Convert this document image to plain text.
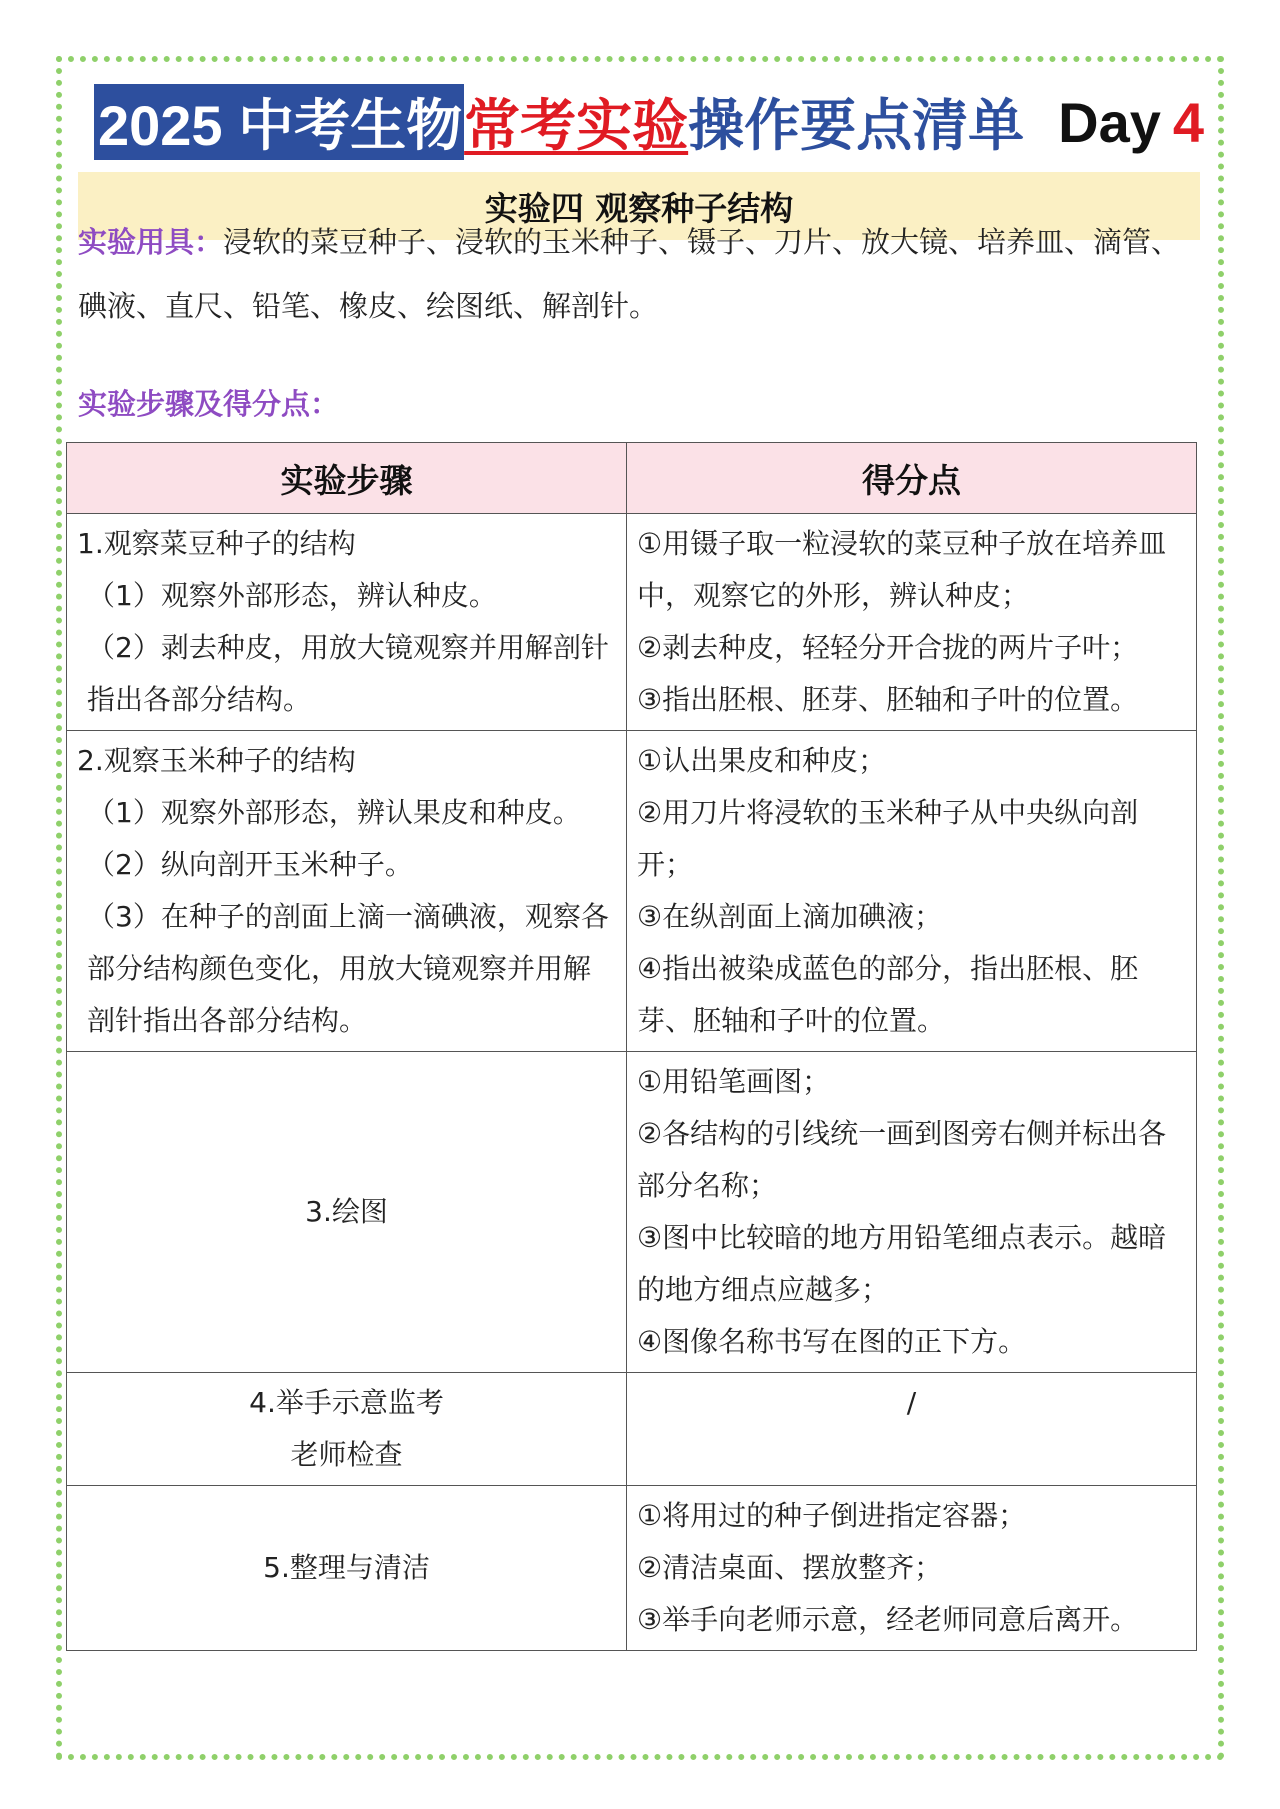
2025 中考生物 常考实验 操作要点清单 Day 4
实验四 观察种子结构
实验用具：浸软的菜豆种子、浸软的玉米种子、镊子、刀片、放大镜、培养皿、滴管、碘液、直尺、铅笔、橡皮、绘图纸、解剖针。
实验步骤及得分点：
实验步骤	得分点

1.观察菜豆种子的结构
（1）观察外部形态，辨认种皮。
（2）剥去种皮，用放大镜观察并用解剖针指出各部分结构。	①用镊子取一粒浸软的菜豆种子放在培养皿中，观察它的外形，辨认种皮；
②剥去种皮，轻轻分开合拢的两片子叶；
③指出胚根、胚芽、胚轴和子叶的位置。

2.观察玉米种子的结构
（1）观察外部形态，辨认果皮和种皮。
（2）纵向剖开玉米种子。
（3）在种子的剖面上滴一滴碘液，观察各部分结构颜色变化，用放大镜观察并用解剖针指出各部分结构。	①认出果皮和种皮；
②用刀片将浸软的玉米种子从中央纵向剖开；
③在纵剖面上滴加碘液；
④指出被染成蓝色的部分，指出胚根、胚芽、胚轴和子叶的位置。

3.绘图	①用铅笔画图；
②各结构的引线统一画到图旁右侧并标出各部分名称；
③图中比较暗的地方用铅笔细点表示。越暗的地方细点应越多；
④图像名称书写在图的正下方。

4.举手示意监考
老师检查	/

5.整理与清洁	①将用过的种子倒进指定容器；
②清洁桌面、摆放整齐；
③举手向老师示意，经老师同意后离开。
